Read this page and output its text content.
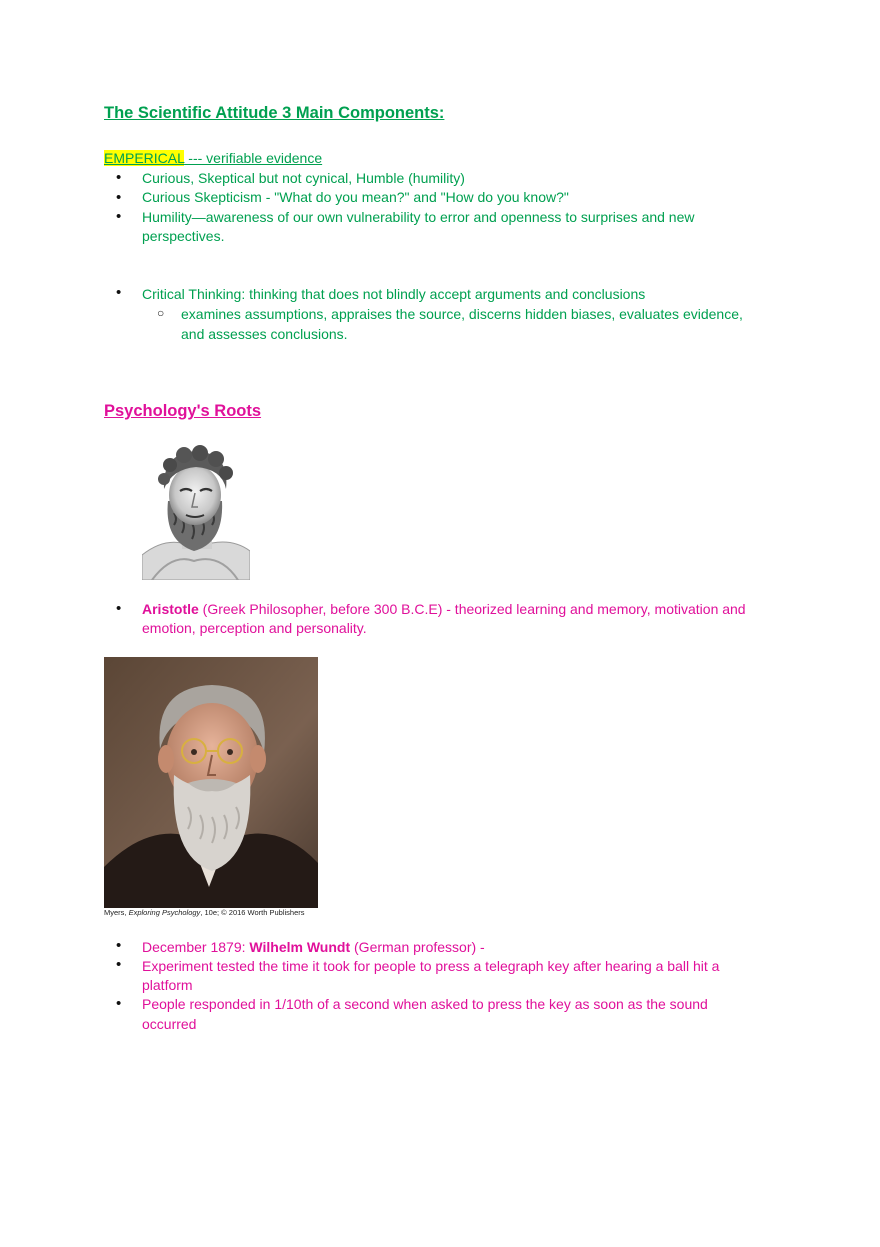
The Scientific Attitude 3 Main Components:
EMPERICAL --- verifiable evidence
• Curious, Skeptical but not cynical, Humble (humility)
• Curious Skepticism - "What do you mean?" and "How do you know?"
• Humility—awareness of our own vulnerability to error and openness to surprises and new
perspectives.
• Critical Thinking: thinking that does not blindly accept arguments and conclusions
○ examines assumptions, appraises the source, discerns hidden biases, evaluates evidence,
and assesses conclusions.
Psychology's Roots
• Aristotle (Greek Philosopher, before 300 B.C.E) - theorized learning and memory, motivation and
emotion, perception and personality.
Myers, Exploring Psychology, 10e; © 2016 Worth Publishers
• December 1879: Wilhelm Wundt (German professor) -
• Experiment tested the time it took for people to press a telegraph key after hearing a ball hit a
platform
• People responded in 1/10th of a second when asked to press the key as soon as the sound
occurred
